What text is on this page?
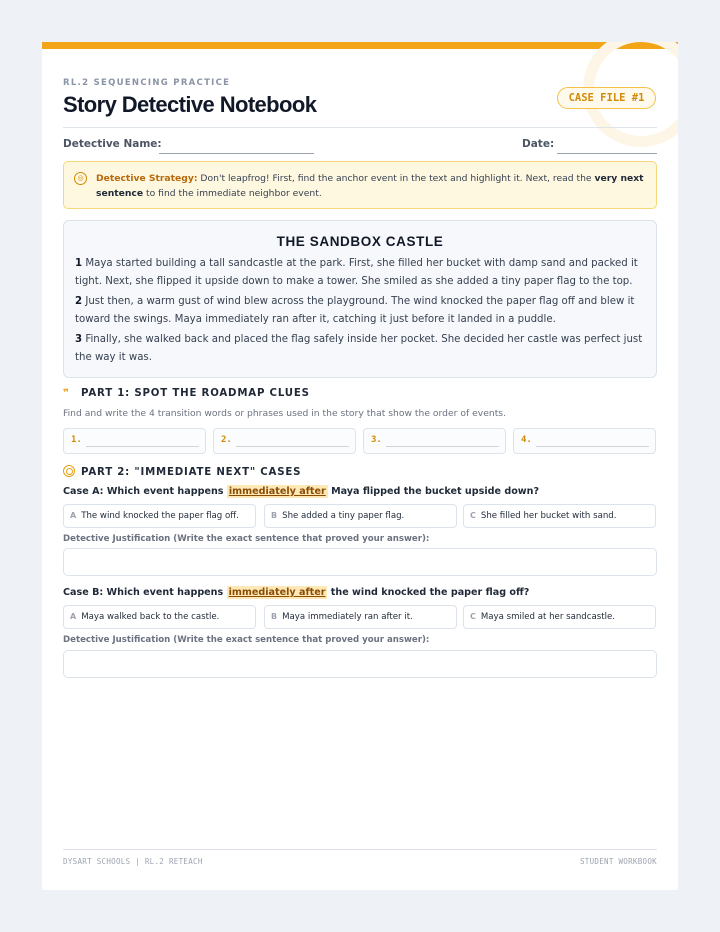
RL.2 SEQUENCING PRACTICE
Story Detective Notebook	CASE FILE #1
Detective Name:	Date:
◎	Detective Strategy: Don't leapfrog! First, find the anchor event in the text and highlight it. Next, read the very next sentence to find the immediate neighbor event.
THE SANDBOX CASTLE
1 Maya started building a tall sandcastle at the park. First, she filled her bucket with damp sand and packed it tight. Next, she flipped it upside down to make a tower. She smiled as she added a tiny paper flag to the top.
2 Just then, a warm gust of wind blew across the playground. The wind knocked the paper flag off and blew it toward the swings. Maya immediately ran after it, catching it just before it landed in a puddle.
3 Finally, she walked back and placed the flag safely inside her pocket. She decided her castle was perfect just the way it was.
❞ PART 1: SPOT THE ROADMAP CLUES
Find and write the 4 transition words or phrases used in the story that show the order of events.
1.	2.	3.	4.
PART 2: "IMMEDIATE NEXT" CASES
Case A: Which event happens immediately after Maya flipped the bucket upside down?
A The wind knocked the paper flag off.	B She added a tiny paper flag.	C She filled her bucket with sand.
Detective Justification (Write the exact sentence that proved your answer):
Case B: Which event happens immediately after the wind knocked the paper flag off?
A Maya walked back to the castle.	B Maya immediately ran after it.	C Maya smiled at her sandcastle.
Detective Justification (Write the exact sentence that proved your answer):
DYSART SCHOOLS | RL.2 RETEACH	STUDENT WORKBOOK
